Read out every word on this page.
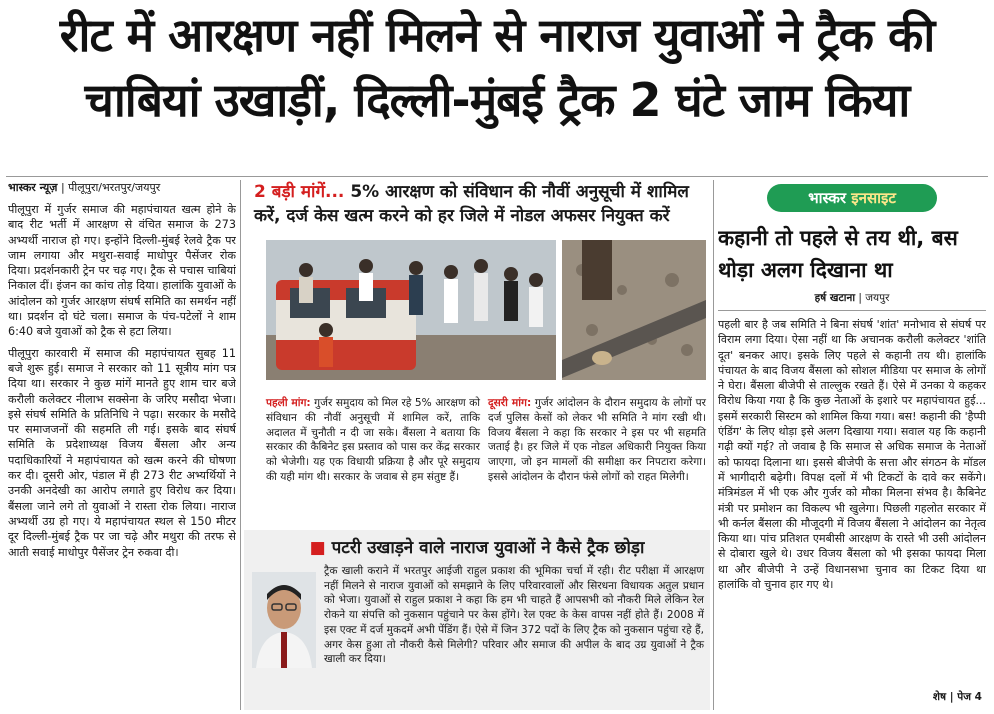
रीट में आरक्षण नहीं मिलने से नाराज युवाओं ने ट्रैक की
चाबियां उखाड़ीं, दिल्ली-मुंबई ट्रैक 2 घंटे जाम किया
भास्कर न्यूज़ | पीलूपुरा/भरतपुर/जयपुर

पीलूपुरा में गुर्जर समाज की महापंचायत खत्म होने के बाद रीट भर्ती में आरक्षण से वंचित समाज के 273 अभ्यर्थी नाराज हो गए। इन्होंने दिल्ली-मुंबई रेलवे ट्रैक पर जाम लगाया और मथुरा-सवाई माधोपुर पैसेंजर रोक दिया। प्रदर्शनकारी ट्रेन पर चढ़ गए। ट्रैक से पचास चाबियां निकाल दीं। इंजन का कांच तोड़ दिया। हालांकि युवाओं के आंदोलन को गुर्जर आरक्षण संघर्ष समिति का समर्थन नहीं था। प्रदर्शन दो घंटे चला। समाज के पंच-पटेलों ने शाम 6:40 बजे युवाओं को ट्रैक से हटा लिया।

पीलूपुरा कारवारी में समाज की महापंचायत सुबह 11 बजे शुरू हुई। समाज ने सरकार को 11 सूत्रीय मांग पत्र दिया था। सरकार ने कुछ मांगें मानते हुए शाम चार बजे करौली कलेक्टर नीलाभ सक्सेना के जरिए मसौदा भेजा। इसे संघर्ष समिति के प्रतिनिधि ने पढ़ा। सरकार के मसौदे पर समाजजनों की सहमति ली गई। इसके बाद संघर्ष समिति के प्रदेशाध्यक्ष विजय बैंसला और अन्य पदाधिकारियों ने महापंचायत को खत्म करने की घोषणा कर दी। दूसरी ओर, पंडाल में ही 273 रीट अभ्यर्थियों ने उनकी अनदेखी का आरोप लगाते हुए विरोध कर दिया। बैंसला जाने लगे तो युवाओं ने रास्ता रोक लिया। नाराज अभ्यर्थी उग्र हो गए। ये महापंचायत स्थल से 150 मीटर दूर दिल्ली-मुंबई ट्रैक पर जा चढ़े और मथुरा की तरफ से आती सवाई माधोपुर पैसेंजर ट्रेन रुकवा दी।

2 बड़ी मांगें... 5% आरक्षण को संविधान की नौवीं अनुसूची में शामिल करें, दर्ज केस खत्म करने को हर जिले में नोडल अफसर नियुक्त करें
पहली मांग: गुर्जर समुदाय को मिल रहे 5% आरक्षण को संविधान की नौवीं अनुसूची में शामिल करें, ताकि अदालत में चुनौती न दी जा सके। बैंसला ने बताया कि सरकार की कैबिनेट इस प्रस्ताव को पास कर केंद्र सरकार को भेजेगी। यह एक विधायी प्रक्रिया है और पूरे समुदाय की यही मांग थी। सरकार के जवाब से हम संतुष्ट हैं।
दूसरी मांग: गुर्जर आंदोलन के दौरान समुदाय के लोगों पर दर्ज पुलिस केसों को लेकर भी समिति ने मांग रखी थी। विजय बैंसला ने कहा कि सरकार ने इस पर भी सहमति जताई है। हर जिले में एक नोडल अधिकारी नियुक्त किया जाएगा, जो इन मामलों की समीक्षा कर निपटारा करेगा। इससे आंदोलन के दौरान फंसे लोगों को राहत मिलेगी।
■ पटरी उखाड़ने वाले नाराज युवाओं ने कैसे ट्रैक छोड़ा
ट्रैक खाली कराने में भरतपुर आईजी राहुल प्रकाश की भूमिका चर्चा में रही। रीट परीक्षा में आरक्षण नहीं मिलने से नाराज युवाओं को समझाने के लिए परिवारवालों और सिरधना विधायक अतुल प्रधान को भेजा। युवाओं से राहुल प्रकाश ने कहा कि हम भी चाहते हैं आपसभी को नौकरी मिले लेकिन रेल रोकने या संपत्ति को नुकसान पहुंचाने पर केस होंगे। रेल एक्ट के केस वापस नहीं होते हैं। 2008 में इस एक्ट में दर्ज मुकदमें अभी पेंडिंग हैं। ऐसे में जिन 372 पदों के लिए ट्रैक को नुकसान पहुंचा रहे हैं, अगर केस हुआ तो नौकरी कैसे मिलेगी? परिवार और समाज की अपील के बाद उग्र युवाओं ने ट्रैक खाली कर दिया।
भास्कर इनसाइट
कहानी तो पहले से तय थी, बस थोड़ा अलग दिखाना था
हर्ष खटाना | जयपुर
पहली बार है जब समिति ने बिना संघर्ष 'शांत' मनोभाव से संघर्ष पर विराम लगा दिया। ऐसा नहीं था कि अचानक करौली कलेक्टर 'शांति दूत' बनकर आए। इसके लिए पहले से कहानी तय थी। हालांकि पंचायत के बाद विजय बैंसला को सोशल मीडिया पर समाज के लोगों ने घेरा। बैंसला बीजेपी से ताल्लुक रखते हैं। ऐसे में उनका ये कहकर विरोध किया गया है कि कुछ नेताओं के इशारे पर महापंचायत हुई... इसमें सरकारी सिस्टम को शामिल किया गया। बस! कहानी की 'हैप्पी एंडिंग' के लिए थोड़ा इसे अलग दिखाया गया। सवाल यह कि कहानी गढ़ी क्यों गई? तो जवाब है कि समाज से अधिक समाज के नेताओं को फायदा दिलाना था। इससे बीजेपी के सत्ता और संगठन के मॉडल में भागीदारी बढ़ेगी। विपक्ष दलों में भी टिकटों के दावे कर सकेंगे। मंत्रिमंडल में भी एक और गुर्जर को मौका मिलना संभव है। कैबिनेट मंत्री पर प्रमोशन का विकल्प भी खुलेगा। पिछली गहलोत सरकार में भी कर्नल बैंसला की मौजूदगी में विजय बैंसला ने आंदोलन का नेतृत्व किया था। पांच प्रतिशत एमबीसी आरक्षण के रास्ते भी उसी आंदोलन से दोबारा खुले थे। उधर विजय बैंसला को भी इसका फायदा मिला था और बीजेपी ने उन्हें विधानसभा चुनाव का टिकट दिया था हालांकि वो चुनाव हार गए थे।
शेष | पेज 4
